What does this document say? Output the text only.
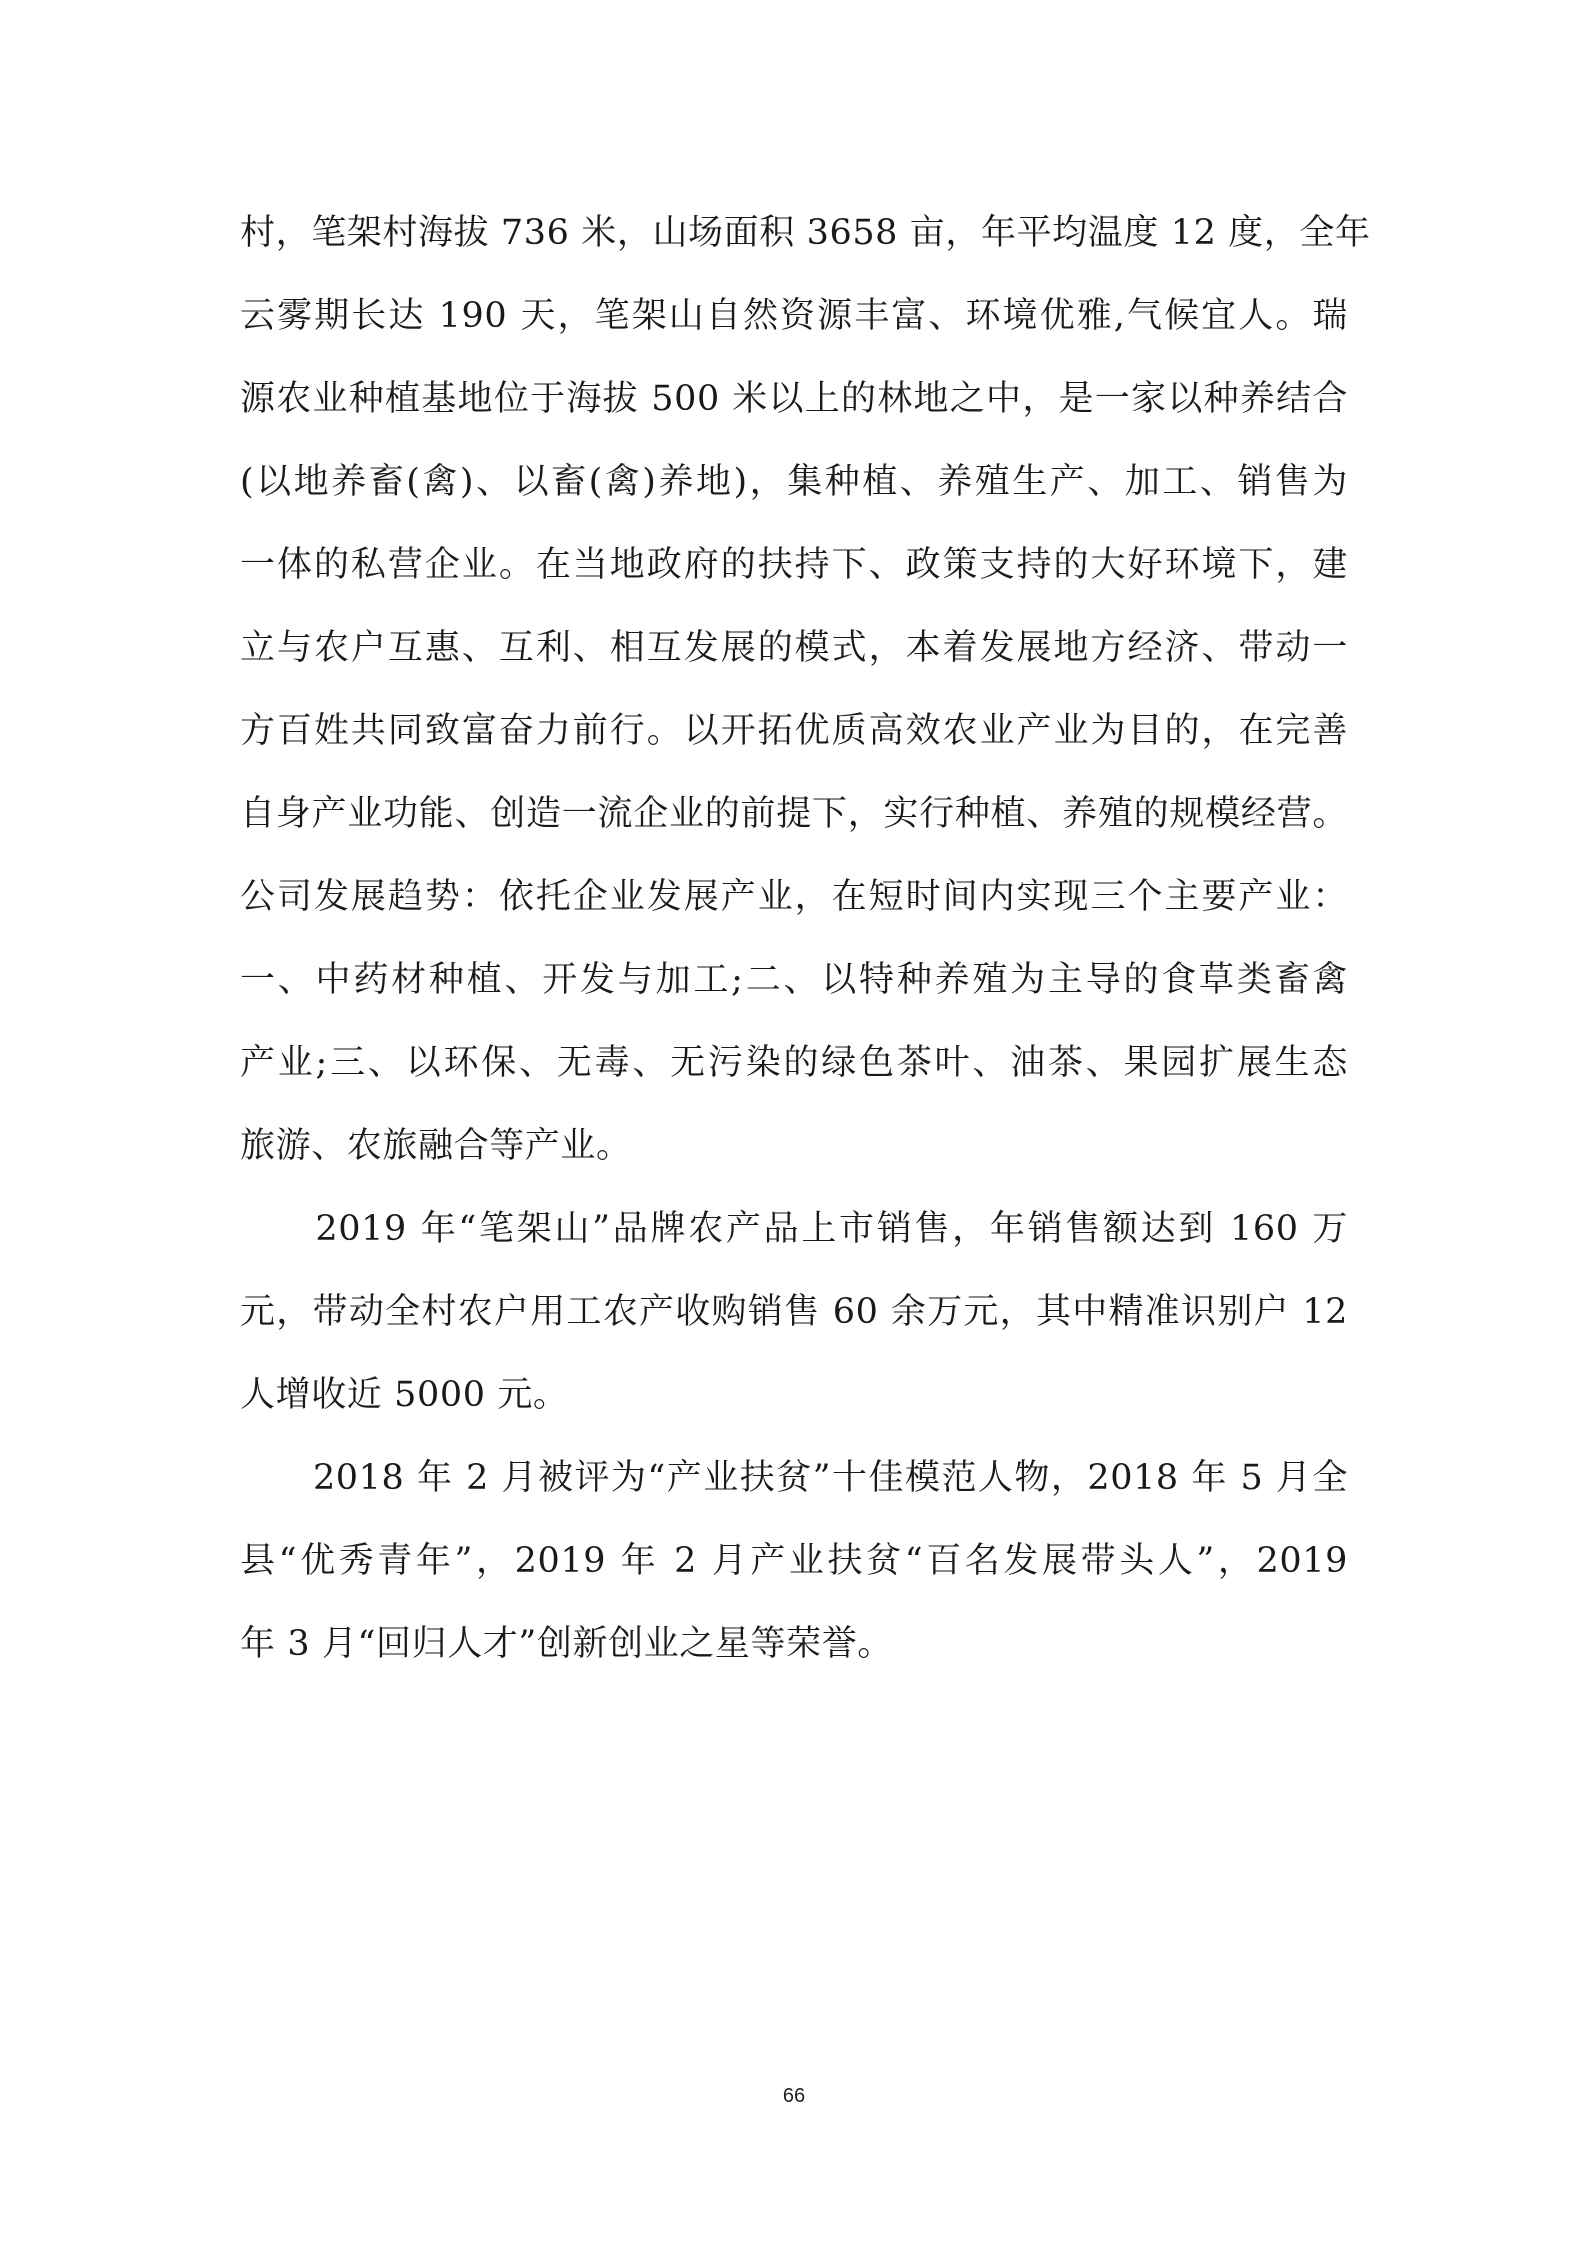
村，笔架村海拔 736 米，山场面积 3658 亩，年平均温度 12 度，全年
云雾期长达 190 天，笔架山自然资源丰富、环境优雅,气候宜人。瑞
源农业种植基地位于海拔 500 米以上的林地之中，是一家以种养结合
(以地养畜(禽)、以畜(禽)养地)，集种植、养殖生产、加工、销售为
一体的私营企业。在当地政府的扶持下、政策支持的大好环境下，建
立与农户互惠、互利、相互发展的模式，本着发展地方经济、带动一
方百姓共同致富奋力前行。以开拓优质高效农业产业为目的，在完善
自身产业功能、创造一流企业的前提下，实行种植、养殖的规模经营。
公司发展趋势：依托企业发展产业，在短时间内实现三个主要产业：
一、中药材种植、开发与加工;二、以特种养殖为主导的食草类畜禽
产业;三、以环保、无毒、无污染的绿色茶叶、油茶、果园扩展生态
旅游、农旅融合等产业。
　　2019 年“笔架山”品牌农产品上市销售，年销售额达到 160 万
元，带动全村农户用工农产收购销售 60 余万元，其中精准识别户 12
人增收近 5000 元。
　　2018 年 2 月被评为“产业扶贫”十佳模范人物，2018 年 5 月全
县“优秀青年”，2019 年 2 月产业扶贫“百名发展带头人”，2019
年 3 月“回归人才”创新创业之星等荣誉。
66
